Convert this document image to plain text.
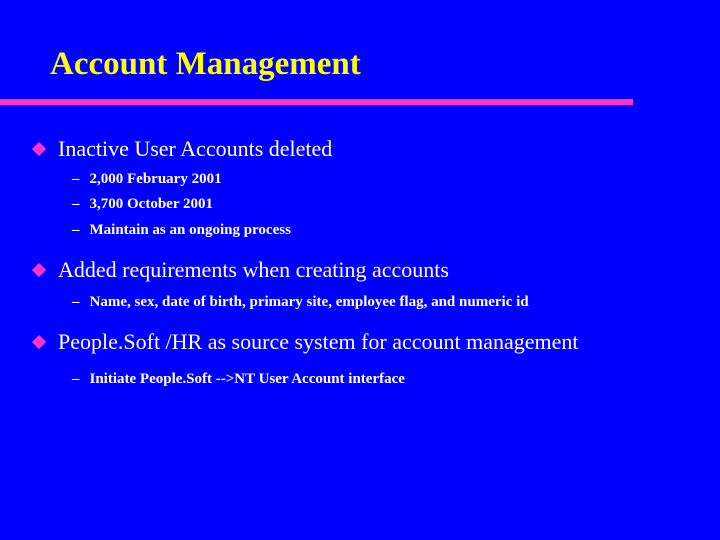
Account Management
Inactive User Accounts deleted
– 2,000 February 2001
– 3,700 October 2001
– Maintain as an ongoing process
Added requirements when creating accounts
– Name, sex, date of birth, primary site, employee flag, and numeric id
People.Soft /HR as source system for account management
– Initiate People.Soft -->NT User Account interface
